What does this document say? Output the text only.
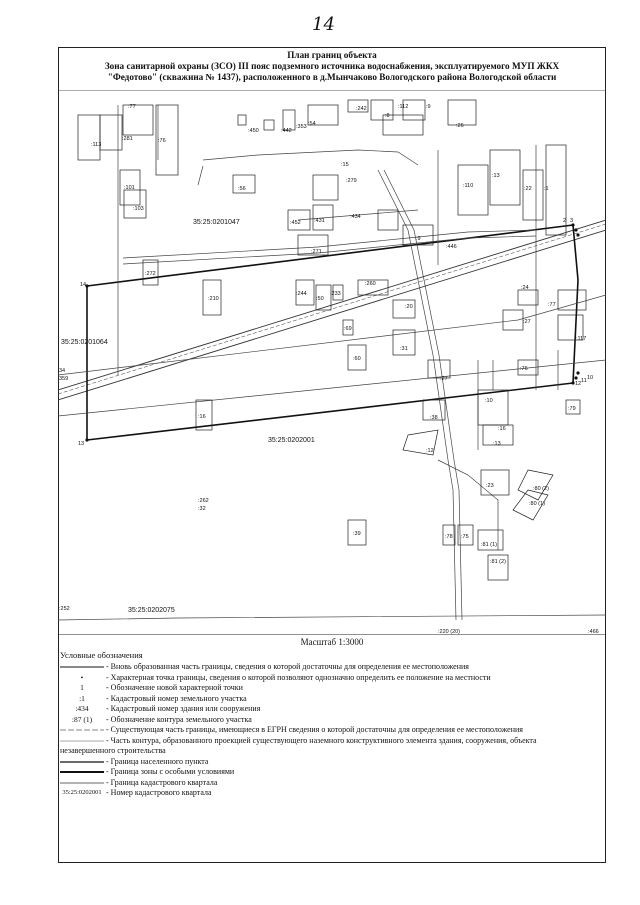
14
План границ объекта
Зона санитарной охраны (ЗСО) III пояс подземного источника водоснабжения, эксплуатируемого МУП ЖКХ
"Федотово" (скважина № 1437), расположенного в д.Мынчаково Вологодского района Вологодской области
35:25:0201047
35:25:0201064
35:25:0202001
35:25:0202075
14
13
2 3
12 11 10
34
359
:77
:113
:281	:76
:450	:442
:353 :54
:242
:8
:112	:9
:26
:15
:279
:101
:103
:56
:452
:434
:431
:110
:13
:22 :1
:9
:446
:271
:272
:210
:244
:50
:233
:260
:20
:24
:77
:27
:117
:69
:31
:60
:76
:27
:10
:79
:16	:38
:16
:12
:13
:23	:80 (2)
:80 (1)
:262
:32
:39	:78 :75
:81 (1)
:81 (2)
:252
:220 (20)	:466
Масштаб 1:3000
Условные обозначения
- Вновь образованная часть границы, сведения о которой достаточны для определения ее местоположения
•	- Характерная точка границы, сведения о которой позволяют однозначно определить ее положение на местности
1	- Обозначение новой характерной точки
:1	- Кадастровый номер земельного участка
:434	- Кадастровый номер здания или сооружения
:87 (1)	- Обозначение контура земельного участка
- Существующая часть границы, имеющиеся в ЕГРН сведения о которой достаточны для определения ее местоположения
- Часть контура, образованного проекцией существующего наземного конструктивного элемента здания, сооружения, объекта
незавершенного строительства
- Граница населенного пункта
- Граница зоны с особыми условиями
- Граница кадастрового квартала
35:25:0202001 - Номер кадастрового квартала
